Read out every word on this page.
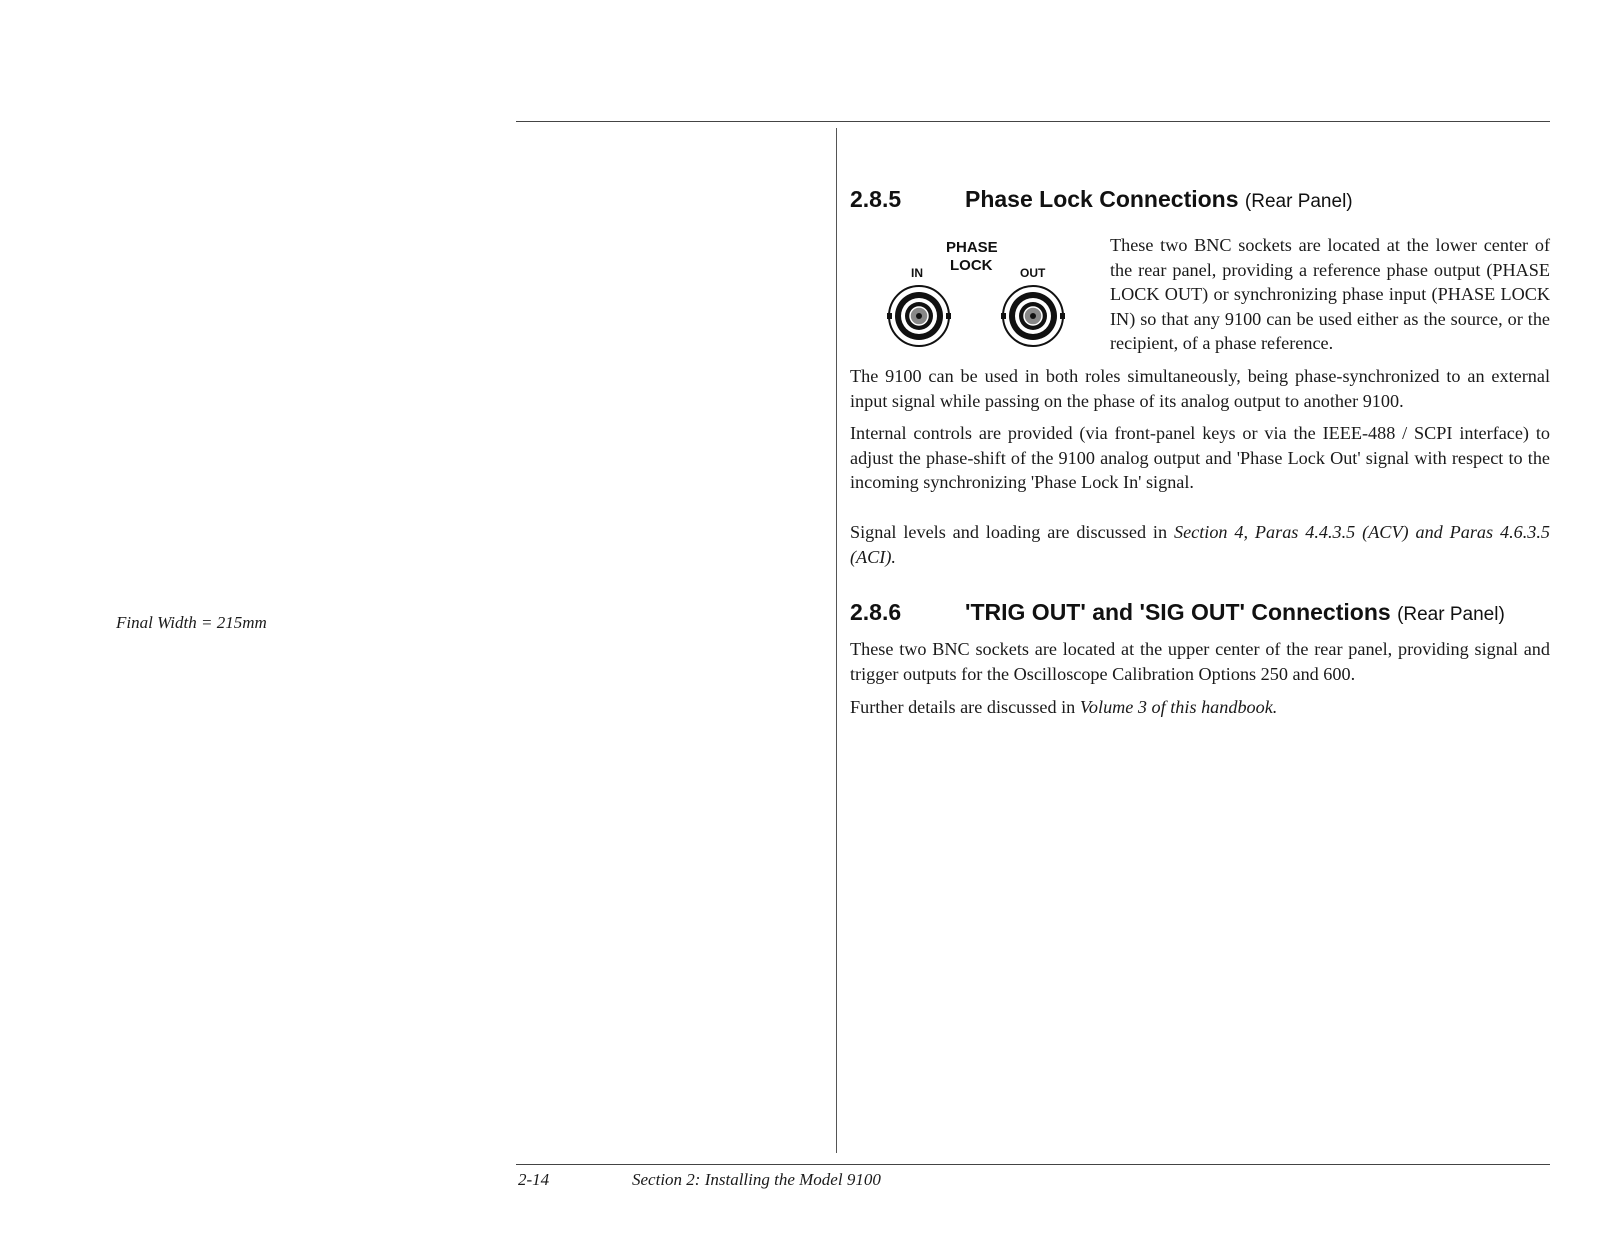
Final Width = 215mm
2.8.5	Phase Lock Connections (Rear Panel)
PHASE
LOCK
IN	OUT

These two BNC sockets are located at the lower center of the rear panel, providing a reference phase output (PHASE LOCK OUT) or synchronizing phase input (PHASE LOCK IN) so that any 9100 can be used either as the source, or the recipient, of a phase reference.

The 9100 can be used in both roles simultaneously, being phase-synchronized to an external input signal while passing on the phase of its analog output to another 9100.

Internal controls are provided (via front-panel keys or via the IEEE-488 / SCPI interface) to adjust the phase-shift of the 9100 analog output and 'Phase Lock Out' signal with respect to the incoming synchronizing 'Phase Lock In' signal.

Signal levels and loading are discussed in Section 4, Paras 4.4.3.5 (ACV) and Paras 4.6.3.5 (ACI).

2.8.6	'TRIG OUT' and 'SIG OUT' Connections (Rear Panel)

These two BNC sockets are located at the upper center of the rear panel, providing signal and trigger outputs for the Oscilloscope Calibration Options 250 and 600.

Further details are discussed in Volume 3 of this handbook.

2-14	Section 2: Installing the Model 9100
